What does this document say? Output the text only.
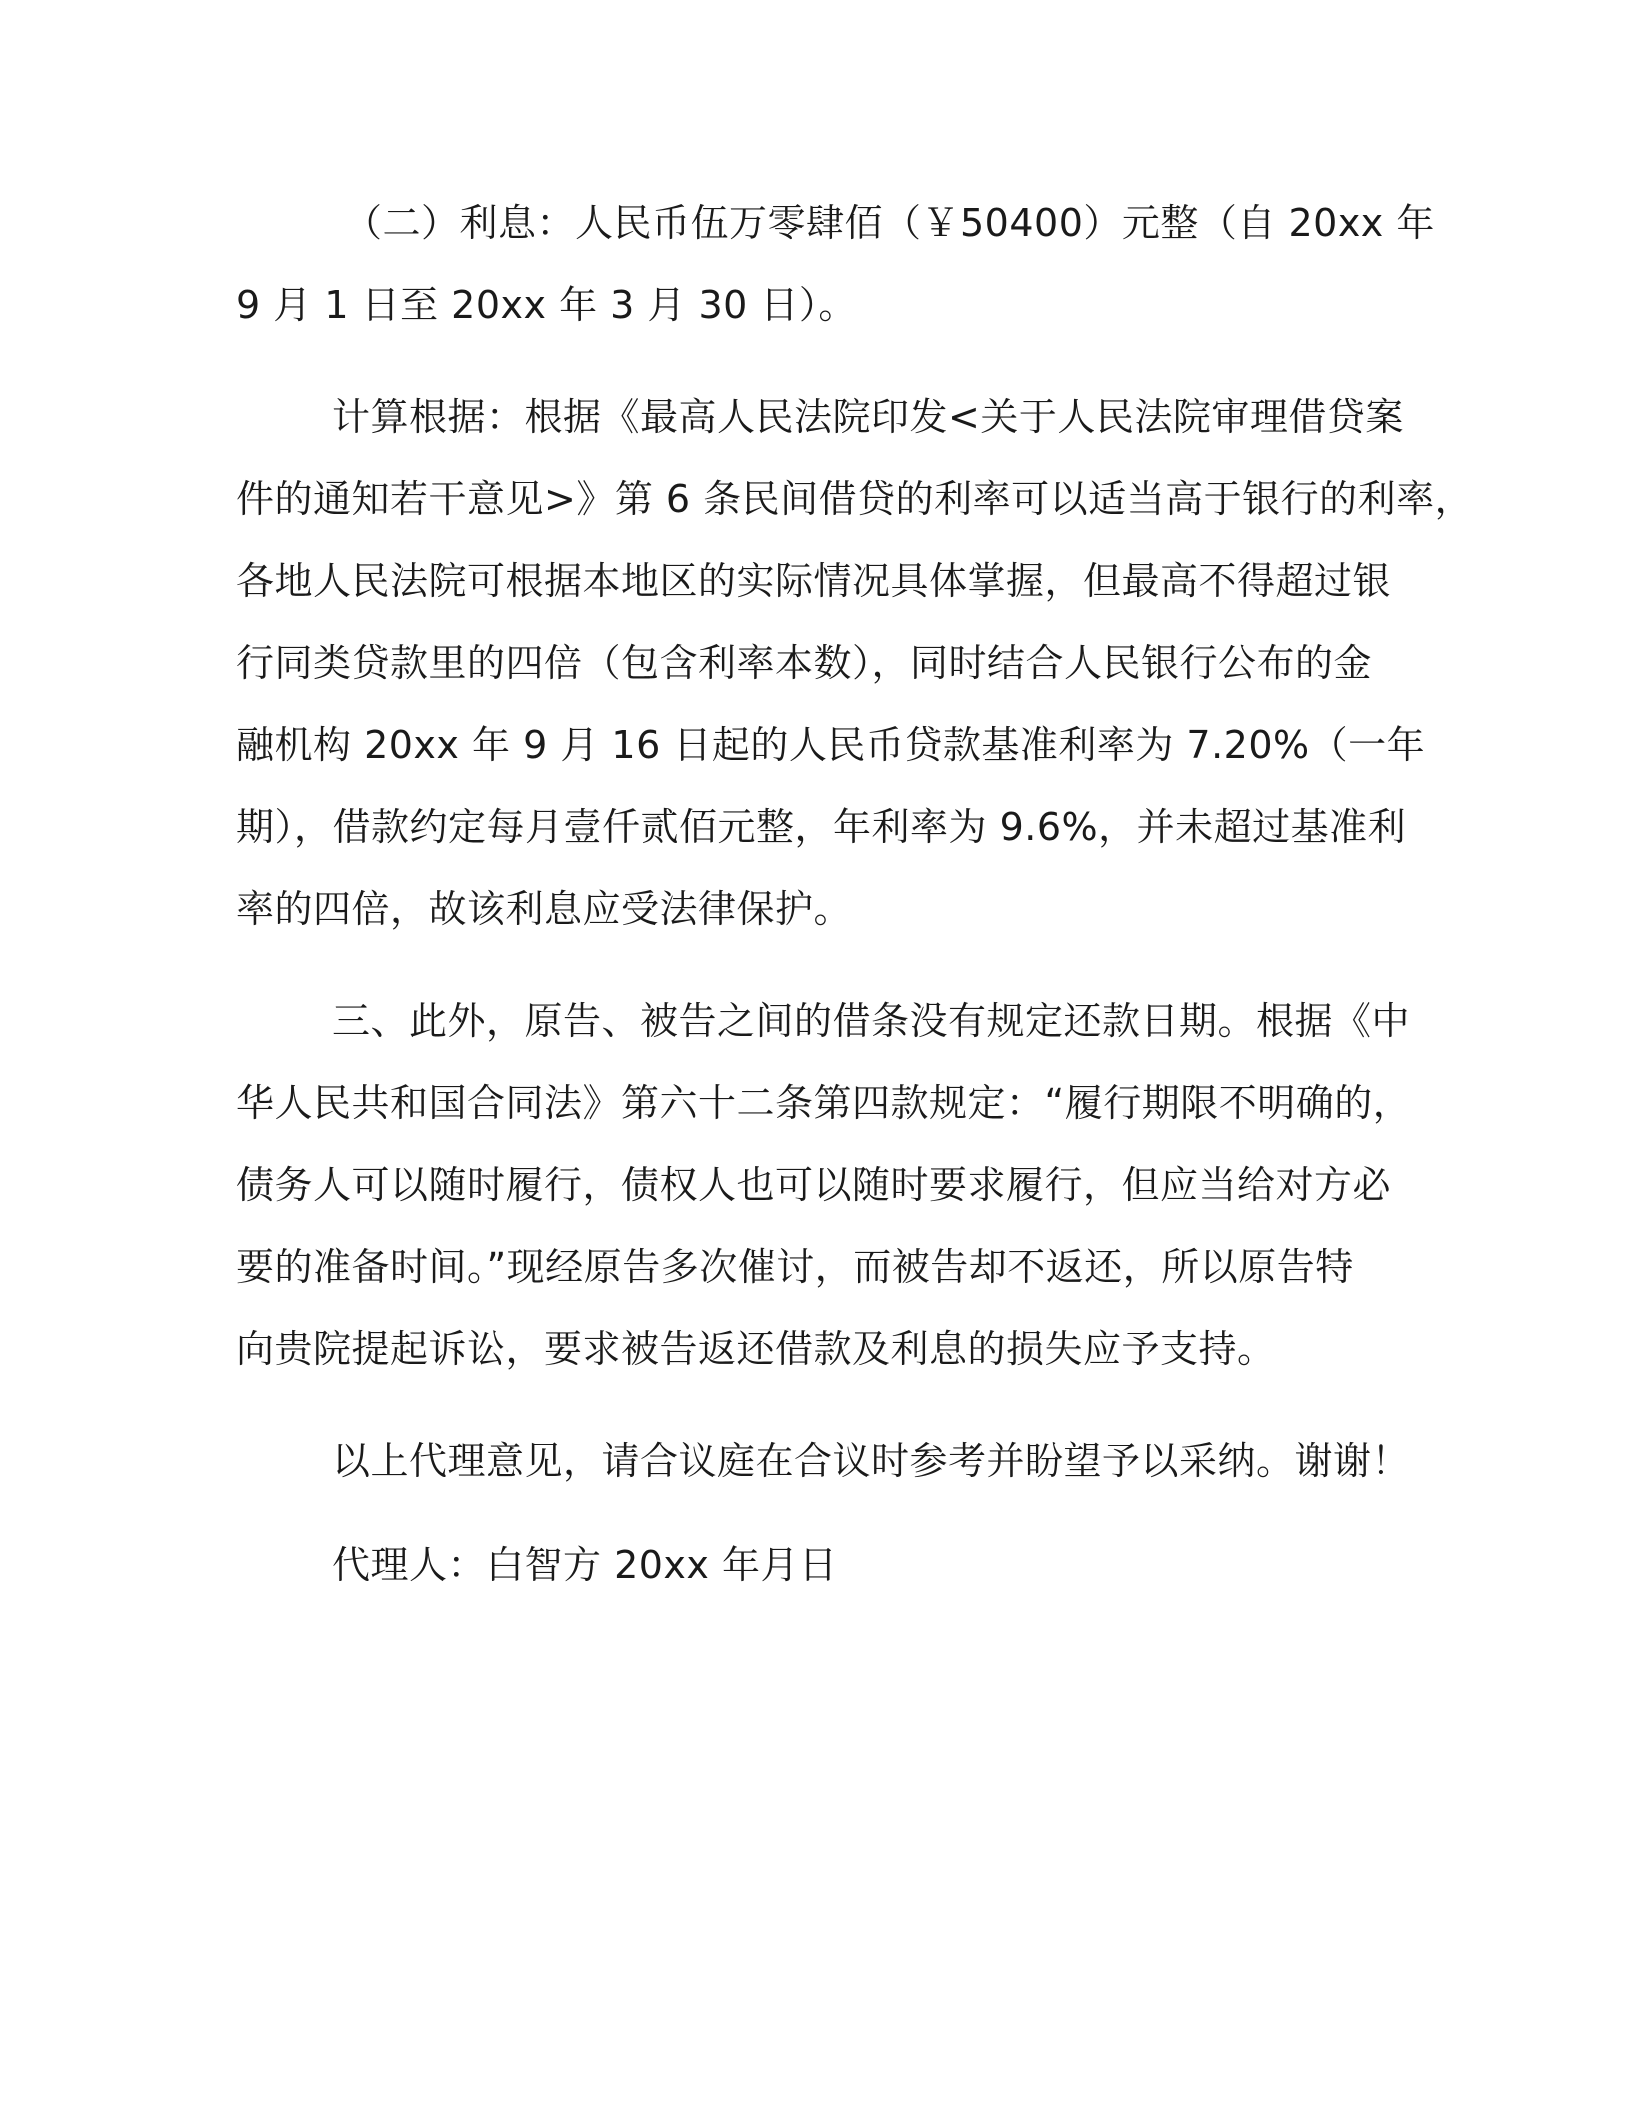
（二）利息：人民币伍万零肆佰（￥50400）元整（自 20xx 年
9 月 1 日至 20xx 年 3 月 30 日）。

计算根据：根据《最高人民法院印发<关于人民法院审理借贷案
件的通知若干意见>》第 6 条民间借贷的利率可以适当高于银行的利率，
各地人民法院可根据本地区的实际情况具体掌握，但最高不得超过银
行同类贷款里的四倍（包含利率本数），同时结合人民银行公布的金
融机构 20xx 年 9 月 16 日起的人民币贷款基准利率为 7.20%（一年
期），借款约定每月壹仟贰佰元整，年利率为 9.6%，并未超过基准利
率的四倍，故该利息应受法律保护。

三、此外，原告、被告之间的借条没有规定还款日期。根据《中
华人民共和国合同法》第六十二条第四款规定：“履行期限不明确的，
债务人可以随时履行，债权人也可以随时要求履行，但应当给对方必
要的准备时间。”现经原告多次催讨，而被告却不返还，所以原告特
向贵院提起诉讼，要求被告返还借款及利息的损失应予支持。

以上代理意见，请合议庭在合议时参考并盼望予以采纳。谢谢！

代理人：白智方 20xx 年月日
